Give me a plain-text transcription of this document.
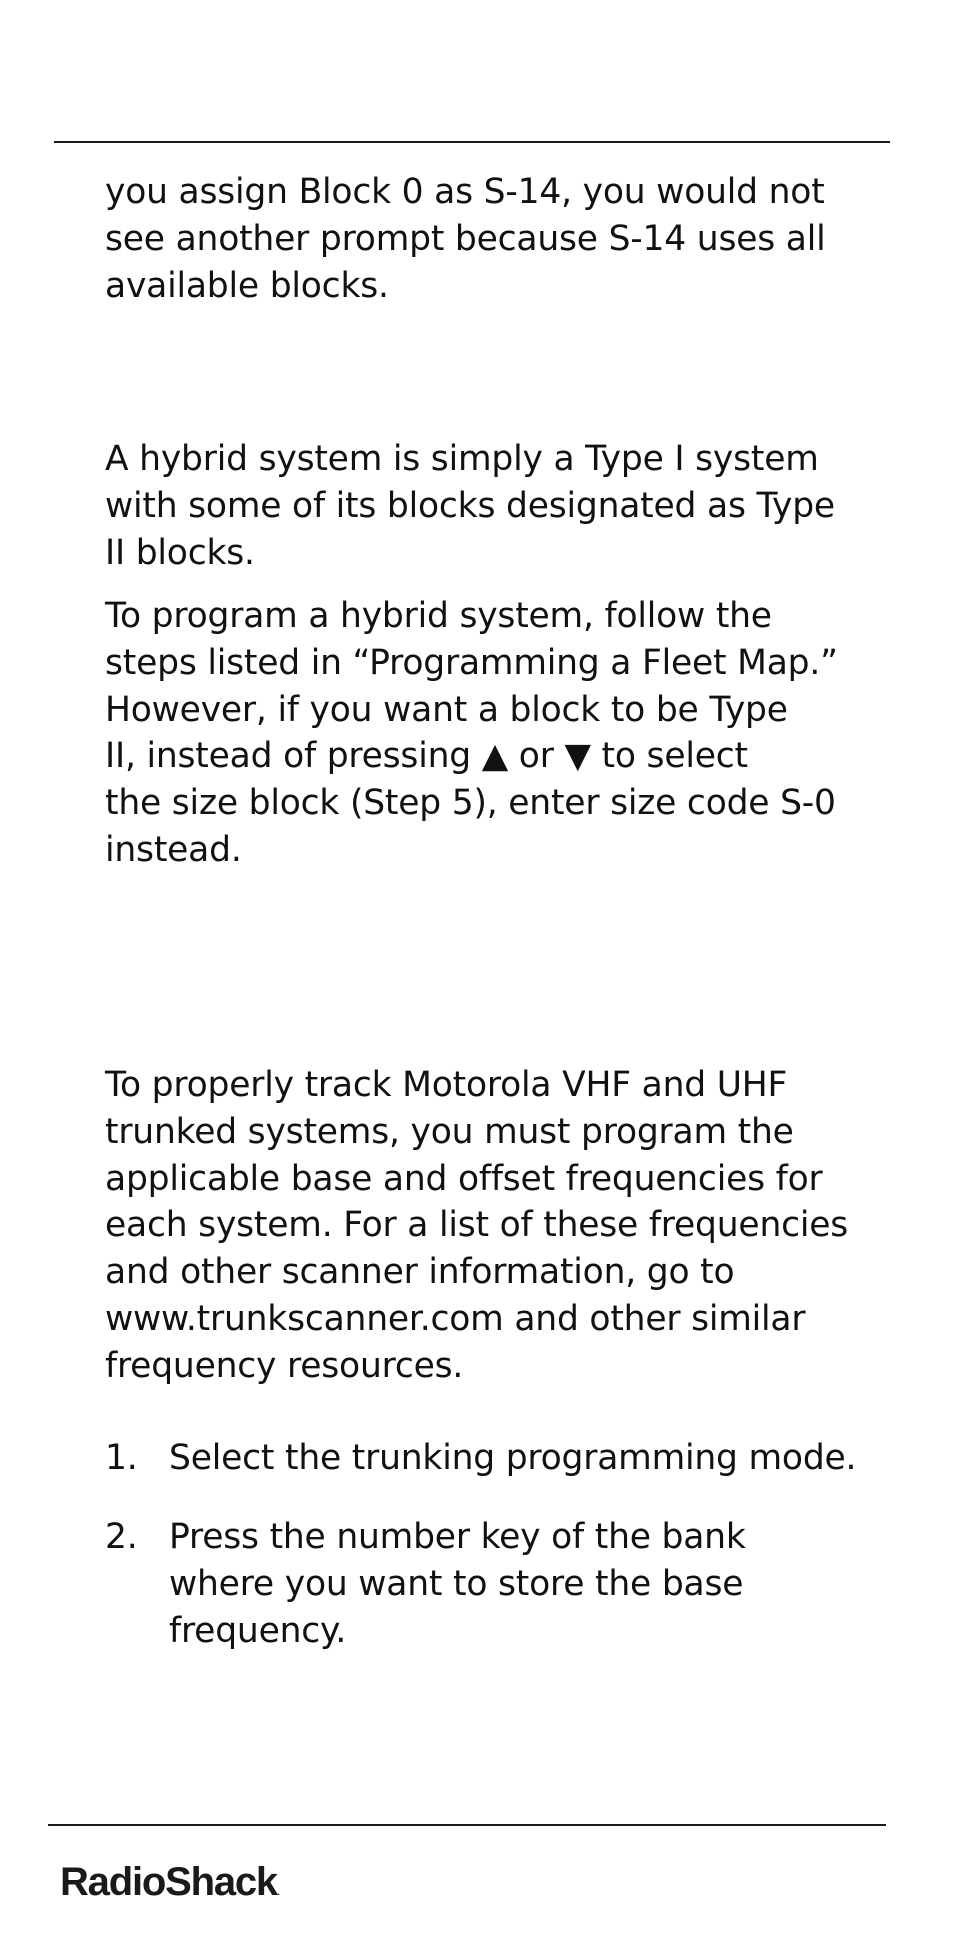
you assign Block 0 as S-14, you would not
see another prompt because S-14 uses all
available blocks.

A hybrid system is simply a Type I system
with some of its blocks designated as Type
II blocks.

To program a hybrid system, follow the
steps listed in “Programming a Fleet Map.”
However, if you want a block to be Type
II, instead of pressing ▲ or ▼ to select
the size block (Step 5), enter size code S-0
instead.

To properly track Motorola VHF and UHF
trunked systems, you must program the
applicable base and offset frequencies for
each system. For a list of these frequencies
and other scanner information, go to
www.trunkscanner.com and other similar
frequency resources.

1. Select the trunking programming mode.
2. Press the number key of the bank
where you want to store the base
frequency.
RadioShack.
